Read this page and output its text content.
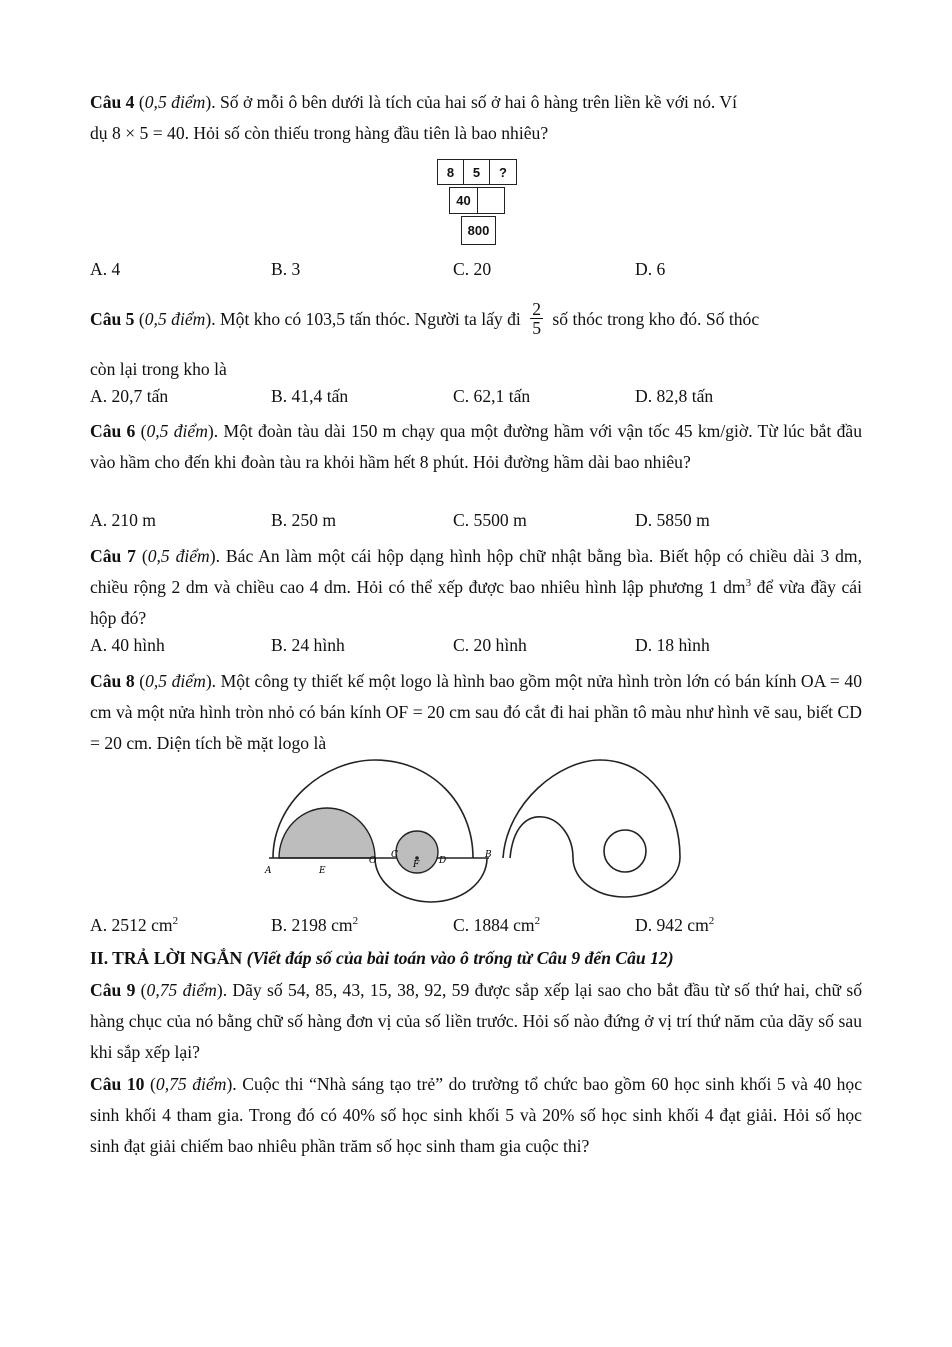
Câu 4 (0,5 điểm). Số ở mỗi ô bên dưới là tích của hai số ở hai ô hàng trên liền kề với nó. Ví
dụ 8 × 5 = 40. Hỏi số còn thiếu trong hàng đầu tiên là bao nhiêu?
8	5	?
40
800
A. 4	B. 3	C. 20	D. 6
Câu 5 (0,5 điểm). Một kho có 103,5 tấn thóc. Người ta lấy đi $\frac{2}{5}$ số thóc trong kho đó. Số thóc
còn lại trong kho là
A. 20,7 tấn	B. 41,4 tấn	C. 62,1 tấn	D. 82,8 tấn
Câu 6 (0,5 điểm). Một đoàn tàu dài 150 m chạy qua một đường hầm với vận tốc 45 km/giờ. Từ lúc bắt đầu vào hầm cho đến khi đoàn tàu ra khỏi hầm hết 8 phút. Hỏi đường hầm dài bao nhiêu?
A. 210 m	B. 250 m	C. 5500 m	D. 5850 m
Câu 7 (0,5 điểm). Bác An làm một cái hộp dạng hình hộp chữ nhật bằng bìa. Biết hộp có chiều dài 3 dm, chiều rộng 2 dm và chiều cao 4 dm. Hỏi có thể xếp được bao nhiêu hình lập phương 1 $dm^3$ để vừa đầy cái hộp đó?
A. 40 hình	B. 24 hình	C. 20 hình	D. 18 hình
Câu 8 (0,5 điểm). Một công ty thiết kế một logo là hình bao gồm một nửa hình tròn lớn có bán kính OA = 40 cm và một nửa hình tròn nhỏ có bán kính OF = 20 cm sau đó cắt đi hai phần tô màu như hình vẽ sau, biết CD = 20 cm. Diện tích bề mặt logo là
A	E
O
C
F D
B
A. 2512 $cm^2$	B. 2198 $cm^2$	C. 1884 $cm^2$	D. 942 $cm^2$
II. TRẢ LỜI NGẮN (Viết đáp số của bài toán vào ô trống từ Câu 9 đến Câu 12)
Câu 9 (0,75 điểm). Dãy số 54, 85, 43, 15, 38, 92, 59 được sắp xếp lại sao cho bắt đầu từ số thứ hai, chữ số hàng chục của nó bằng chữ số hàng đơn vị của số liền trước. Hỏi số nào đứng ở vị trí thứ năm của dãy số sau khi sắp xếp lại?
Câu 10 (0,75 điểm). Cuộc thi “Nhà sáng tạo trẻ” do trường tổ chức bao gồm 60 học sinh khối 5 và 40 học sinh khối 4 tham gia. Trong đó có 40% số học sinh khối 5 và 20% số học sinh khối 4 đạt giải. Hỏi số học sinh đạt giải chiếm bao nhiêu phần trăm số học sinh tham gia cuộc thi?
